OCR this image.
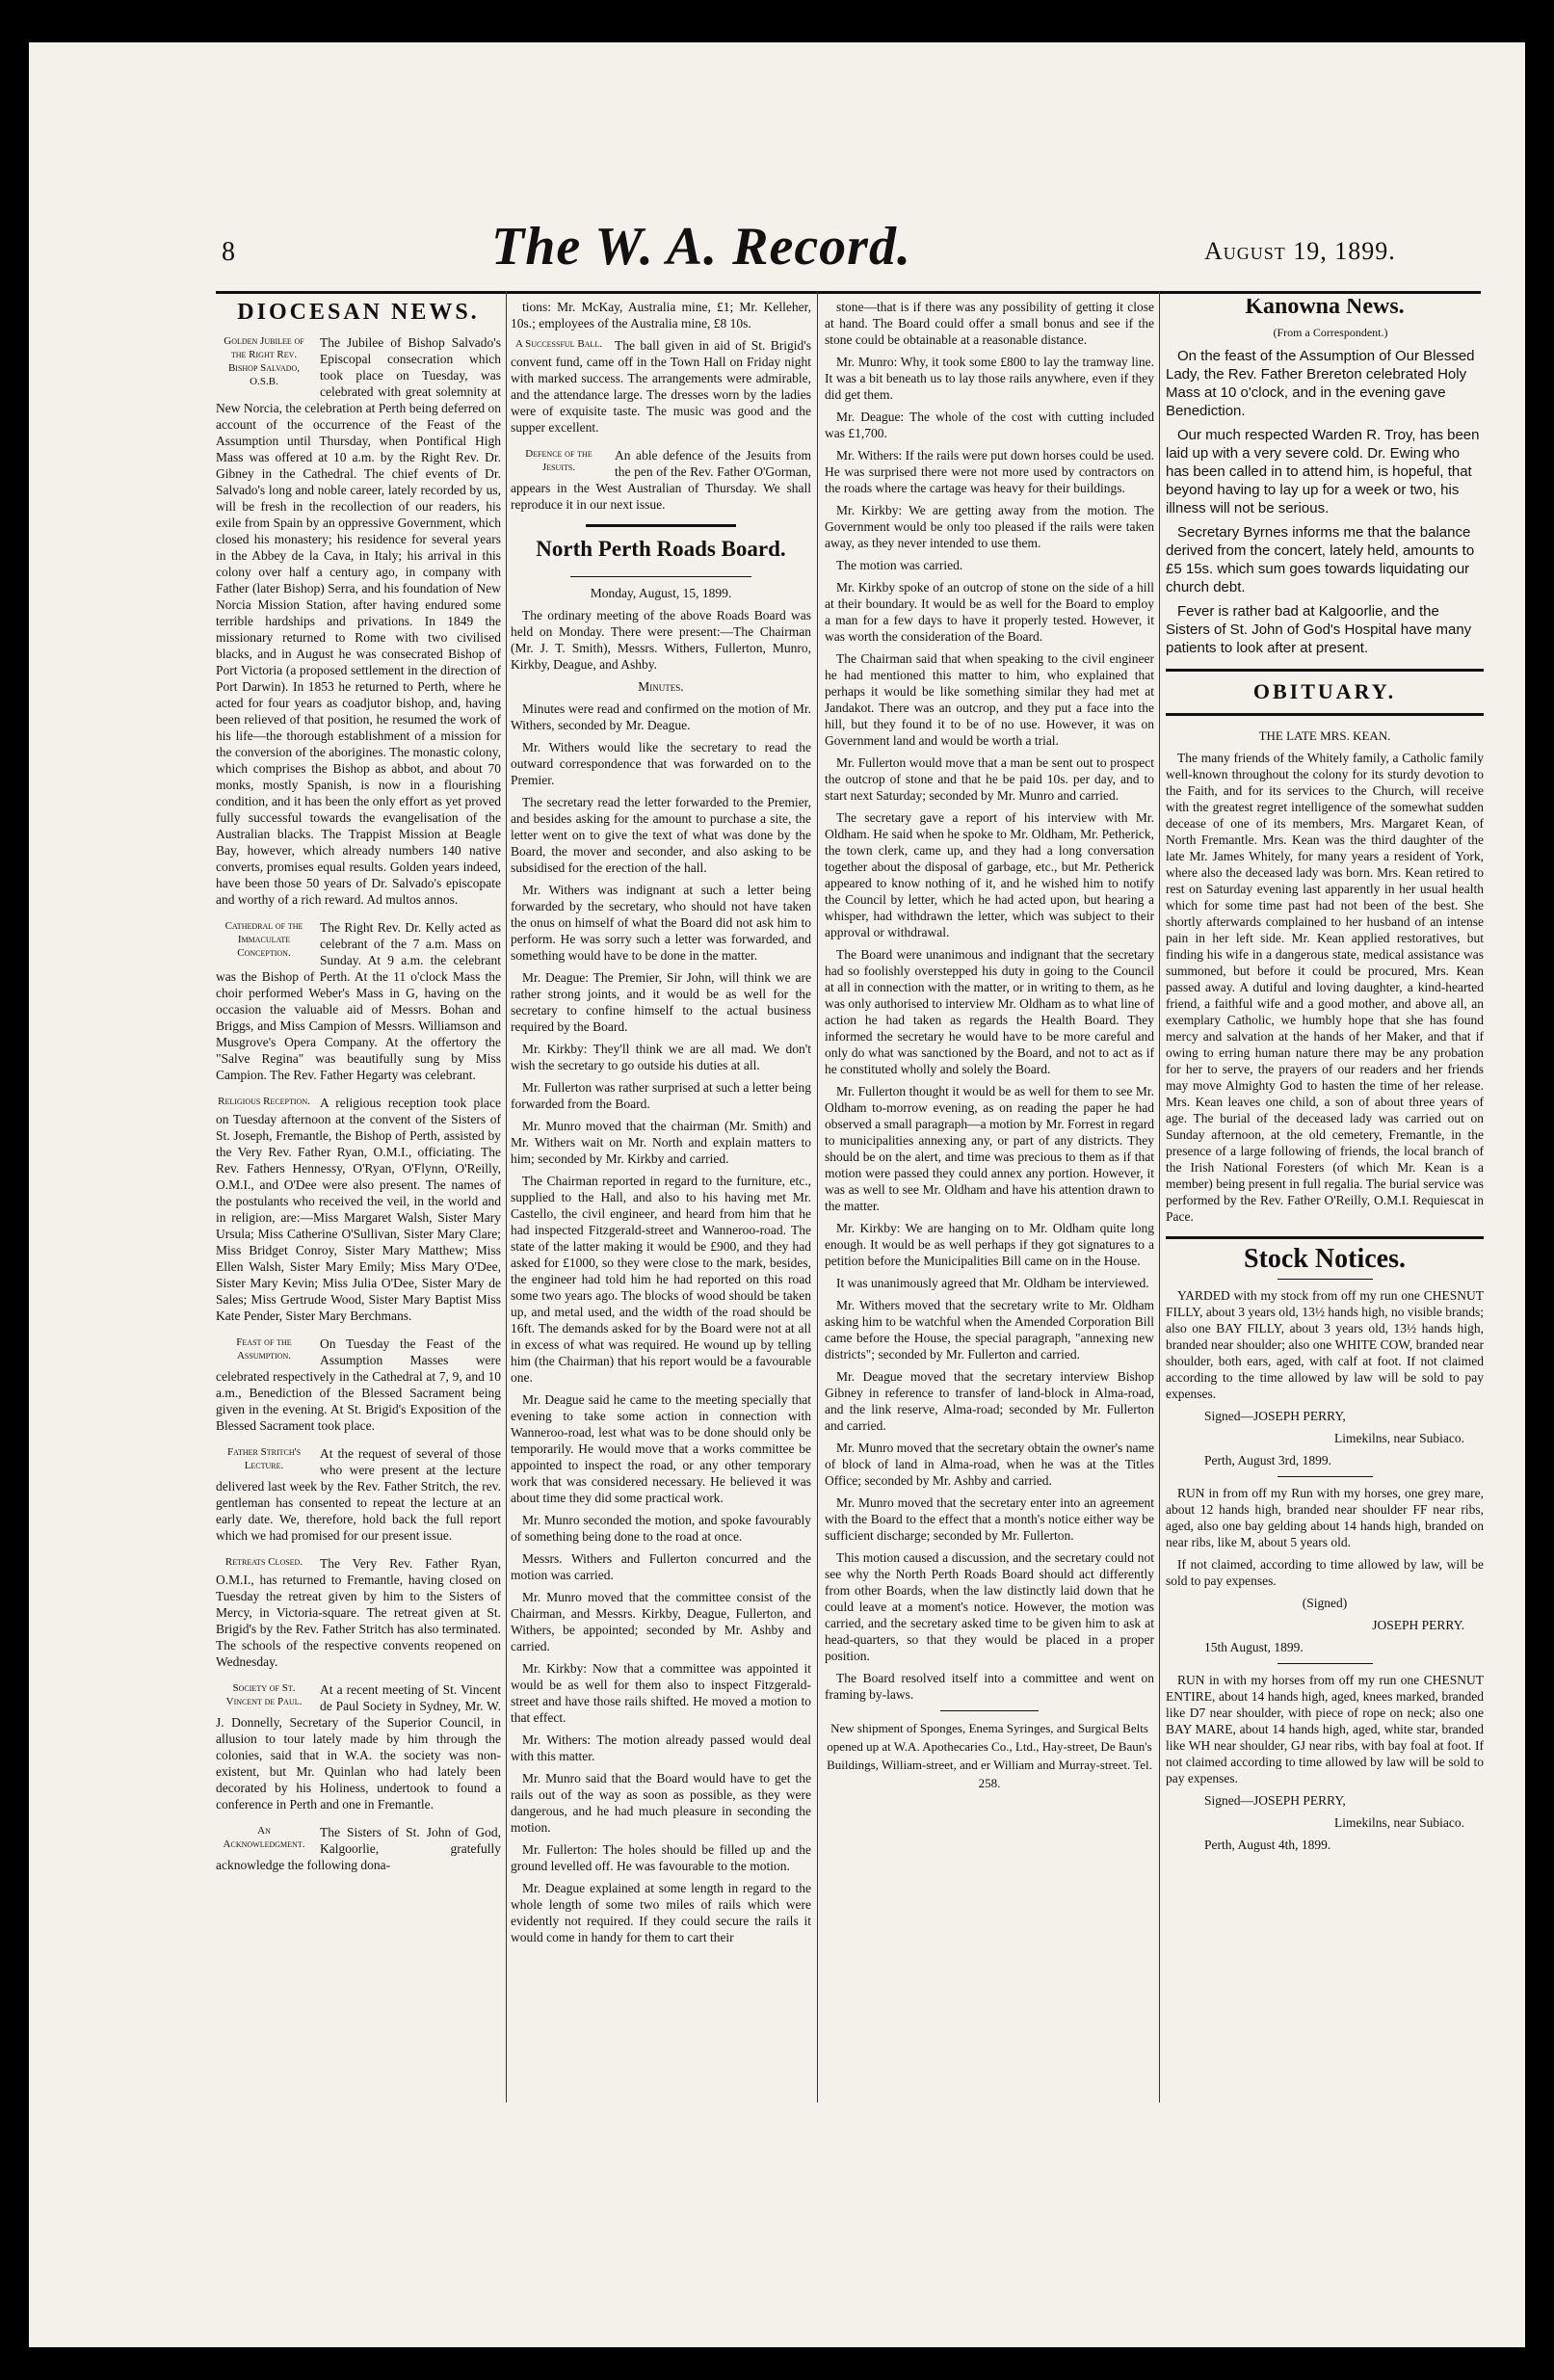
8	The W. A. Record.	August 19, 1899.
DIOCESAN NEWS.
Golden Jubilee of the Right Rev. Bishop Salvado, O.S.B.

The Jubilee of Bishop Salvado's Episcopal consecration which took place on Tuesday, was celebrated with great solemnity at New Norcia, the celebration at Perth being deferred on account of the occurrence of the Feast of the Assumption until Thursday, when Pontifical High Mass was offered at 10 a.m. by the Right Rev. Dr. Gibney in the Cathedral. The chief events of Dr. Salvado's long and noble career, lately recorded by us, will be fresh in the recollection of our readers, his exile from Spain by an oppressive Government, which closed his monastery; his residence for several years in the Abbey de la Cava, in Italy; his arrival in this colony over half a century ago, in company with Father (later Bishop) Serra, and his foundation of New Norcia Mission Station, after having endured some terrible hardships and privations. In 1849 the missionary returned to Rome with two civilised blacks, and in August he was consecrated Bishop of Port Victoria (a proposed settlement in the direction of Port Darwin). In 1853 he returned to Perth, where he acted for four years as coadjutor bishop, and, having been relieved of that position, he resumed the work of his life—the thorough establishment of a mission for the conversion of the aborigines. The monastic colony, which comprises the Bishop as abbot, and about 70 monks, mostly Spanish, is now in a flourishing condition, and it has been the only effort as yet proved fully successful towards the evangelisation of the Australian blacks. The Trappist Mission at Beagle Bay, however, which already numbers 140 native converts, promises equal results. Golden years indeed, have been those 50 years of Dr. Salvado's episcopate and worthy of a rich reward. Ad multos annos.

Cathedral of the Immaculate Conception.

The Right Rev. Dr. Kelly acted as celebrant of the 7 a.m. Mass on Sunday. At 9 a.m. the celebrant was the Bishop of Perth. At the 11 o'clock Mass the choir performed Weber's Mass in G, having on the occasion the valuable aid of Messrs. Bohan and Briggs, and Miss Campion of Messrs. Williamson and Musgrove's Opera Company. At the offertory the "Salve Regina" was beautifully sung by Miss Campion. The Rev. Father Hegarty was celebrant.

Religious Reception. A religious reception took place on Tuesday afternoon at the convent of the Sisters of St. Joseph, Fremantle, the Bishop of Perth, assisted by the Very Rev. Father Ryan, O.M.I., officiating. The Rev. Fathers Hennessy, O'Ryan, O'Flynn, O'Reilly, O.M.I., and O'Dee were also present. The names of the postulants who received the veil, in the world and in religion, are:—Miss Margaret Walsh, Sister Mary Ursula; Miss Catherine O'Sullivan, Sister Mary Clare; Miss Bridget Conroy, Sister Mary Matthew; Miss Ellen Walsh, Sister Mary Emily; Miss Mary O'Dee, Sister Mary Kevin; Miss Julia O'Dee, Sister Mary de Sales; Miss Gertrude Wood, Sister Mary Baptist Miss Kate Pender, Sister Mary Berchmans.

Feast of the Assumption.

On Tuesday the Feast of the Assumption Masses were celebrated respectively in the Cathedral at 7, 9, and 10 a.m., Benediction of the Blessed Sacrament being given in the evening. At St. Brigid's Exposition of the Blessed Sacrament took place.

Father Stritch's Lecture.

At the request of several of those who were present at the lecture delivered last week by the Rev. Father Stritch, the rev. gentleman has consented to repeat the lecture at an early date. We, therefore, hold back the full report which we had promised for our present issue.

Retreats Closed.	The Very Rev. Father Ryan, O.M.I., has returned to Fremantle, having closed on Tuesday the retreat given by him to the Sisters of Mercy, in Victoria-square. The retreat given at St. Brigid's by the Rev. Father Stritch has also terminated. The schools of the respective convents reopened on Wednesday.

Society of St. Vincent de Paul.

At a recent meeting of St. Vincent de Paul Society in Sydney, Mr. W. J. Donnelly, Secretary of the Superior Council, in allusion to tour lately made by him through the colonies, said that in W.A. the society was non-existent, but Mr. Quinlan who had lately been decorated by his Holiness, undertook to found a conference in Perth and one in Fremantle.

An Acknowledgment.

The Sisters of St. John of God, Kalgoorlie, gratefully acknowledge the following dona-

tions: Mr. McKay, Australia mine, £1; Mr. Kelleher, 10s.; employees of the Australia mine, £8 10s.

A Successful Ball. The ball given in aid of St. Brigid's convent fund, came off in the Town Hall on Friday night with marked success. The arrangements were admirable, and the attendance large. The dresses worn by the ladies were of exquisite taste. The music was good and the supper excellent.

Defence of the Jesuits.

An able defence of the Jesuits from the pen of the Rev. Father O'Gorman, appears in the West Australian of Thursday. We shall reproduce it in our next issue.

North Perth Roads Board.

Monday, August, 15, 1899.

The ordinary meeting of the above Roads Board was held on Monday. There were present:—The Chairman (Mr. J. T. Smith), Messrs. Withers, Fullerton, Munro, Kirkby, Deague, and Ashby.

Minutes.

Minutes were read and confirmed on the motion of Mr. Withers, seconded by Mr. Deague.

Mr. Withers would like the secretary to read the outward correspondence that was forwarded on to the Premier.

The secretary read the letter forwarded to the Premier, and besides asking for the amount to purchase a site, the letter went on to give the text of what was done by the Board, the mover and seconder, and also asking to be subsidised for the erection of the hall.

Mr. Withers was indignant at such a letter being forwarded by the secretary, who should not have taken the onus on himself of what the Board did not ask him to perform. He was sorry such a letter was forwarded, and something would have to be done in the matter.

Mr. Deague: The Premier, Sir John, will think we are rather strong joints, and it would be as well for the secretary to confine himself to the actual business required by the Board.

Mr. Kirkby: They'll think we are all mad. We don't wish the secretary to go outside his duties at all.

Mr. Fullerton was rather surprised at such a letter being forwarded from the Board.

Mr. Munro moved that the chairman (Mr. Smith) and Mr. Withers wait on Mr. North and explain matters to him; seconded by Mr. Kirkby and carried.

The Chairman reported in regard to the furniture, etc., supplied to the Hall, and also to his having met Mr. Castello, the civil engineer, and heard from him that he had inspected Fitzgerald-street and Wanneroo-road. The state of the latter making it would be £900, and they had asked for £1000, so they were close to the mark, besides, the engineer had told him he had reported on this road some two years ago. The blocks of wood should be taken up, and metal used, and the width of the road should be 16ft. The demands asked for by the Board were not at all in excess of what was required. He wound up by telling him (the Chairman) that his report would be a favourable one.

Mr. Deague said he came to the meeting specially that evening to take some action in connection with Wanneroo-road, lest what was to be done should only be temporarily. He would move that a works committee be appointed to inspect the road, or any other temporary work that was considered necessary. He believed it was about time they did some practical work.

Mr. Munro seconded the motion, and spoke favourably of something being done to the road at once.

Messrs. Withers and Fullerton concurred and the motion was carried.

Mr. Munro moved that the committee consist of the Chairman, and Messrs. Kirkby, Deague, Fullerton, and Withers, be appointed; seconded by Mr. Ashby and carried.

Mr. Kirkby: Now that a committee was appointed it would be as well for them also to inspect Fitzgerald-street and have those rails shifted. He moved a motion to that effect.

Mr. Withers: The motion already passed would deal with this matter.

Mr. Munro said that the Board would have to get the rails out of the way as soon as possible, as they were dangerous, and he had much pleasure in seconding the motion.

Mr. Fullerton: The holes should be filled up and the ground levelled off. He was favourable to the motion.

Mr. Deague explained at some length in regard to the whole length of some two miles of rails which were evidently not required. If they could secure the rails it would come in handy for them to cart their

stone—that is if there was any possibility of getting it close at hand. The Board could offer a small bonus and see if the stone could be obtainable at a reasonable distance.

Mr. Munro: Why, it took some £800 to lay the tramway line. It was a bit beneath us to lay those rails anywhere, even if they did get them.

Mr. Deague: The whole of the cost with cutting included was £1,700.

Mr. Withers: If the rails were put down horses could be used. He was surprised there were not more used by contractors on the roads where the cartage was heavy for their buildings.

Mr. Kirkby: We are getting away from the motion. The Government would be only too pleased if the rails were taken away, as they never intended to use them.

The motion was carried.

Mr. Kirkby spoke of an outcrop of stone on the side of a hill at their boundary. It would be as well for the Board to employ a man for a few days to have it properly tested. However, it was worth the consideration of the Board.

The Chairman said that when speaking to the civil engineer he had mentioned this matter to him, who explained that perhaps it would be like something similar they had met at Jandakot. There was an outcrop, and they put a face into the hill, but they found it to be of no use. However, it was on Government land and would be worth a trial.

Mr. Fullerton would move that a man be sent out to prospect the outcrop of stone and that he be paid 10s. per day, and to start next Saturday; seconded by Mr. Munro and carried.

The secretary gave a report of his interview with Mr. Oldham. He said when he spoke to Mr. Oldham, Mr. Petherick, the town clerk, came up, and they had a long conversation together about the disposal of garbage, etc., but Mr. Petherick appeared to know nothing of it, and he wished him to notify the Council by letter, which he had acted upon, but hearing a whisper, had withdrawn the letter, which was subject to their approval or withdrawal.

The Board were unanimous and indignant that the secretary had so foolishly overstepped his duty in going to the Council at all in connection with the matter, or in writing to them, as he was only authorised to interview Mr. Oldham as to what line of action he had taken as regards the Health Board. They informed the secretary he would have to be more careful and only do what was sanctioned by the Board, and not to act as if he constituted wholly and solely the Board.

Mr. Fullerton thought it would be as well for them to see Mr. Oldham to-morrow evening, as on reading the paper he had observed a small paragraph—a motion by Mr. Forrest in regard to municipalities annexing any, or part of any districts. They should be on the alert, and time was precious to them as if that motion were passed they could annex any portion. However, it was as well to see Mr. Oldham and have his attention drawn to the matter.

Mr. Kirkby: We are hanging on to Mr. Oldham quite long enough. It would be as well perhaps if they got signatures to a petition before the Municipalities Bill came on in the House.

It was unanimously agreed that Mr. Oldham be interviewed.

Mr. Withers moved that the secretary write to Mr. Oldham asking him to be watchful when the Amended Corporation Bill came before the House, the special paragraph, "annexing new districts"; seconded by Mr. Fullerton and carried.

Mr. Deague moved that the secretary interview Bishop Gibney in reference to transfer of land-block in Alma-road, and the link reserve, Alma-road; seconded by Mr. Fullerton and carried.

Mr. Munro moved that the secretary obtain the owner's name of block of land in Alma-road, when he was at the Titles Office; seconded by Mr. Ashby and carried.

Mr. Munro moved that the secretary enter into an agreement with the Board to the effect that a month's notice either way be sufficient discharge; seconded by Mr. Fullerton.

This motion caused a discussion, and the secretary could not see why the North Perth Roads Board should act differently from other Boards, when the law distinctly laid down that he could leave at a moment's notice. However, the motion was carried, and the secretary asked time to be given him to ask at head-quarters, so that they would be placed in a proper position.

The Board resolved itself into a committee and went on framing by-laws.

New shipment of Sponges, Enema Syringes, and Surgical Belts opened up at W.A. Apothecaries Co., Ltd., Hay-street, De Baun's Buildings, William-street, and er William and Murray-street. Tel. 258.

Kanowna News.

(From a Correspondent.)

On the feast of the Assumption of Our Blessed Lady, the Rev. Father Brereton celebrated Holy Mass at 10 o'clock, and in the evening gave Benediction.

Our much respected Warden R. Troy, has been laid up with a very severe cold. Dr. Ewing who has been called in to attend him, is hopeful, that beyond having to lay up for a week or two, his illness will not be serious.

Secretary Byrnes informs me that the balance derived from the concert, lately held, amounts to £5 15s. which sum goes towards liquidating our church debt.

Fever is rather bad at Kalgoorlie, and the Sisters of St. John of God's Hospital have many patients to look after at present.

OBITUARY.

THE LATE MRS. KEAN.

The many friends of the Whitely family, a Catholic family well-known throughout the colony for its sturdy devotion to the Faith, and for its services to the Church, will receive with the greatest regret intelligence of the somewhat sudden decease of one of its members, Mrs. Margaret Kean, of North Fremantle. Mrs. Kean was the third daughter of the late Mr. James Whitely, for many years a resident of York, where also the deceased lady was born. Mrs. Kean retired to rest on Saturday evening last apparently in her usual health which for some time past had not been of the best. She shortly afterwards complained to her husband of an intense pain in her left side. Mr. Kean applied restoratives, but finding his wife in a dangerous state, medical assistance was summoned, but before it could be procured, Mrs. Kean passed away. A dutiful and loving daughter, a kind-hearted friend, a faithful wife and a good mother, and above all, an exemplary Catholic, we humbly hope that she has found mercy and salvation at the hands of her Maker, and that if owing to erring human nature there may be any probation for her to serve, the prayers of our readers and her friends may move Almighty God to hasten the time of her release. Mrs. Kean leaves one child, a son of about three years of age. The burial of the deceased lady was carried out on Sunday afternoon, at the old cemetery, Fremantle, in the presence of a large following of friends, the local branch of the Irish National Foresters (of which Mr. Kean is a member) being present in full regalia. The burial service was performed by the Rev. Father O'Reilly, O.M.I. Requiescat in Pace.

Stock Notices.

YARDED with my stock from off my run one CHESNUT FILLY, about 3 years old, 13½ hands high, no visible brands; also one BAY FILLY, about 3 years old, 13½ hands high, branded near shoulder; also one WHITE COW, branded near shoulder, both ears, aged, with calf at foot. If not claimed according to the time allowed by law will be sold to pay expenses.

Signed—JOSEPH PERRY,

Limekilns, near Subiaco.

Perth, August 3rd, 1899.

RUN in from off my Run with my horses, one grey mare, about 12 hands high, branded near shoulder FF near ribs, aged, also one bay gelding about 14 hands high, branded on near ribs, like M, about 5 years old.

If not claimed, according to time allowed by law, will be sold to pay expenses.

(Signed)

JOSEPH PERRY.

15th August, 1899.

RUN in with my horses from off my run one CHESNUT ENTIRE, about 14 hands high, aged, knees marked, branded like D7 near shoulder, with piece of rope on neck; also one BAY MARE, about 14 hands high, aged, white star, branded like WH near shoulder, GJ near ribs, with bay foal at foot. If not claimed according to time allowed by law will be sold to pay expenses.

Signed—JOSEPH PERRY,

Limekilns, near Subiaco.

Perth, August 4th, 1899.
